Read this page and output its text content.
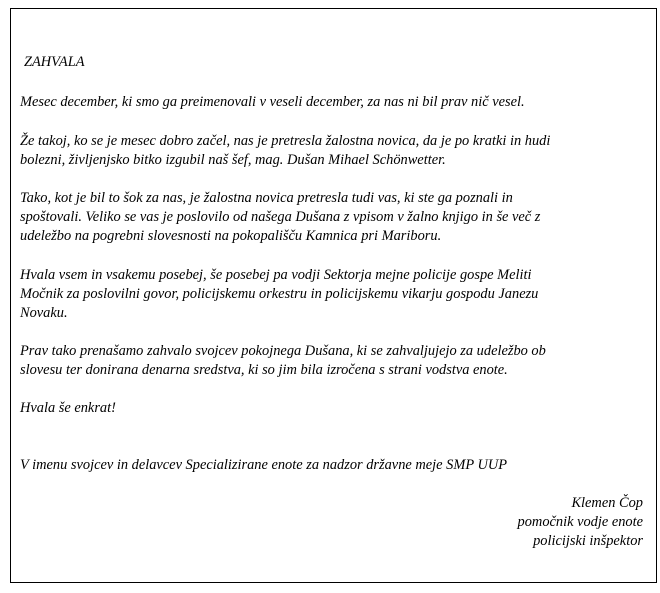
ZAHVALA

Mesec december, ki smo ga preimenovali v veseli december, za nas ni bil prav nič vesel.

Že takoj, ko se je mesec dobro začel, nas je pretresla žalostna novica, da je po kratki in hudi

bolezni, življenjsko bitko izgubil naš šef, mag. Dušan Mihael Schönwetter.

Tako, kot je bil to šok za nas, je žalostna novica pretresla tudi vas, ki ste ga poznali in

spoštovali. Veliko se vas je poslovilo od našega Dušana z vpisom v žalno knjigo in še več z

udeležbo na pogrebni slovesnosti na pokopališču Kamnica pri Mariboru.

Hvala vsem in vsakemu posebej, še posebej pa vodji Sektorja mejne policije gospe Meliti

Močnik za poslovilni govor, policijskemu orkestru in policijskemu vikarju gospodu Janezu

Novaku.

Prav tako prenašamo zahvalo svojcev pokojnega Dušana, ki se zahvaljujejo za udeležbo ob

slovesu ter donirana denarna sredstva, ki so jim bila izročena s strani vodstva enote.

Hvala še enkrat!

V imenu svojcev in delavcev Specializirane enote za nadzor državne meje SMP UUP

Klemen Čop

pomočnik vodje enote

policijski inšpektor
